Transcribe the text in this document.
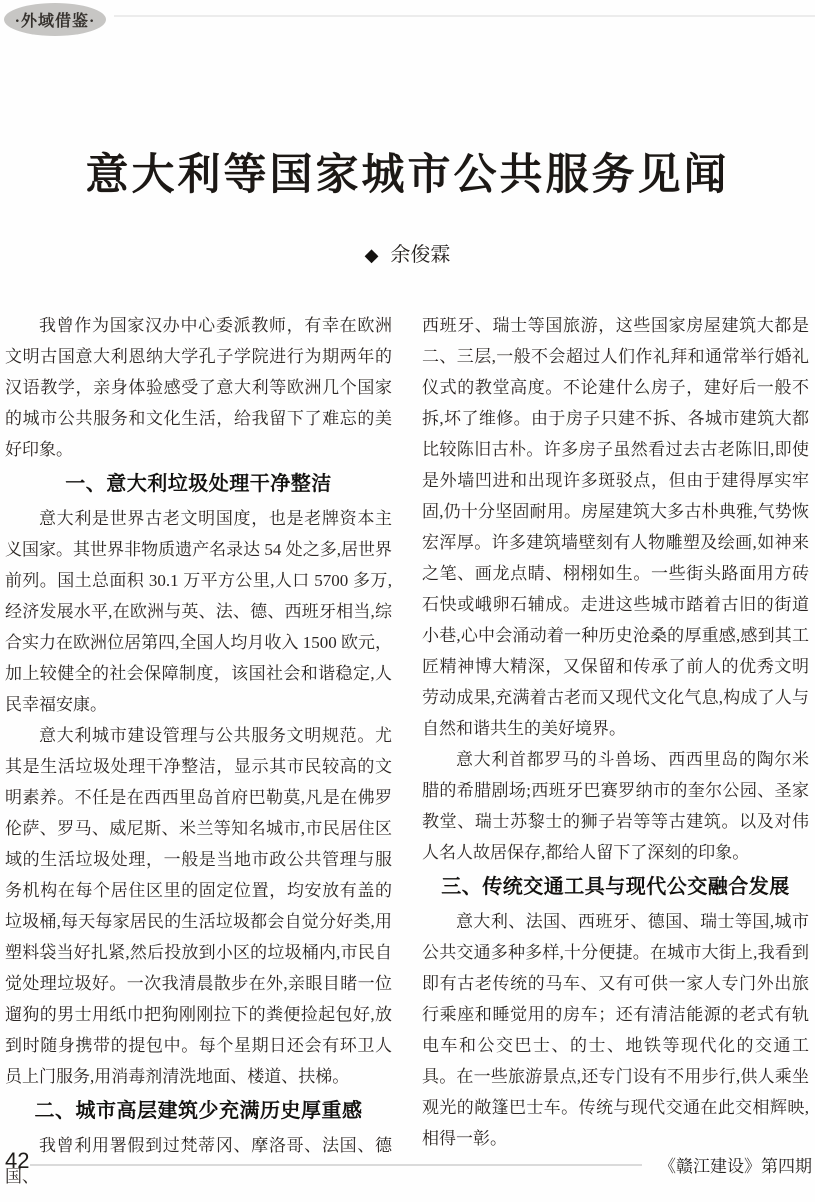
·外域借鉴·
意大利等国家城市公共服务见闻
◆ 余俊霖

我曾作为国家汉办中心委派教师，有幸在欧洲文明古国意大利恩纳大学孔子学院进行为期两年的汉语教学，亲身体验感受了意大利等欧洲几个国家的城市公共服务和文化生活，给我留下了难忘的美好印象。

一、意大利垃圾处理干净整洁

意大利是世界古老文明国度，也是老牌资本主义国家。其世界非物质遗产名录达 54 处之多,居世界前列。国土总面积 30.1 万平方公里,人口 5700 多万,经济发展水平,在欧洲与英、法、德、西班牙相当,综合实力在欧洲位居第四,全国人均月收入 1500 欧元，加上较健全的社会保障制度，该国社会和谐稳定,人民幸福安康。

意大利城市建设管理与公共服务文明规范。尤其是生活垃圾处理干净整洁，显示其市民较高的文明素养。不任是在西西里岛首府巴勒莫,凡是在佛罗伦萨、罗马、威尼斯、米兰等知名城市,市民居住区域的生活垃圾处理，一般是当地市政公共管理与服务机构在每个居住区里的固定位置，均安放有盖的垃圾桶,每天每家居民的生活垃圾都会自觉分好类,用塑料袋当好扎紧,然后投放到小区的垃圾桶内,市民自觉处理垃圾好。一次我清晨散步在外,亲眼目睹一位遛狗的男士用纸巾把狗刚刚拉下的粪便捡起包好,放到时随身携带的提包中。每个星期日还会有环卫人员上门服务,用消毒剂清洗地面、楼道、扶梯。

二、城市高层建筑少充满历史厚重感

我曾利用署假到过梵蒂冈、摩洛哥、法国、德国、

西班牙、瑞士等国旅游，这些国家房屋建筑大都是二、三层,一般不会超过人们作礼拜和通常举行婚礼仪式的教堂高度。不论建什么房子，建好后一般不拆,坏了维修。由于房子只建不拆、各城市建筑大都比较陈旧古朴。许多房子虽然看过去古老陈旧,即使是外墙凹进和出现许多斑驳点，但由于建得厚实牢固,仍十分坚固耐用。房屋建筑大多古朴典雅,气势恢宏浑厚。许多建筑墙壁刻有人物雕塑及绘画,如神来之笔、画龙点睛、栩栩如生。一些街头路面用方砖石快或峨卵石辅成。走进这些城市踏着古旧的街道小巷,心中会涌动着一种历史沧桑的厚重感,感到其工匠精神博大精深，又保留和传承了前人的优秀文明劳动成果,充满着古老而又现代文化气息,构成了人与自然和谐共生的美好境界。

意大利首都罗马的斗兽场、西西里岛的陶尔米腊的希腊剧场;西班牙巴赛罗纳市的奎尔公园、圣家教堂、瑞士苏黎士的狮子岩等等古建筑。以及对伟人名人故居保存,都给人留下了深刻的印象。

三、传统交通工具与现代公交融合发展

意大利、法国、西班牙、德国、瑞士等国,城市公共交通多种多样,十分便捷。在城市大街上,我看到即有古老传统的马车、又有可供一家人专门外出旅行乘座和睡觉用的房车；还有清洁能源的老式有轨电车和公交巴士、的士、地铁等现代化的交通工具。在一些旅游景点,还专门设有不用步行,供人乘坐观光的敞篷巴士车。传统与现代交通在此交相辉映,相得一彰。

42	《赣江建设》第四期
